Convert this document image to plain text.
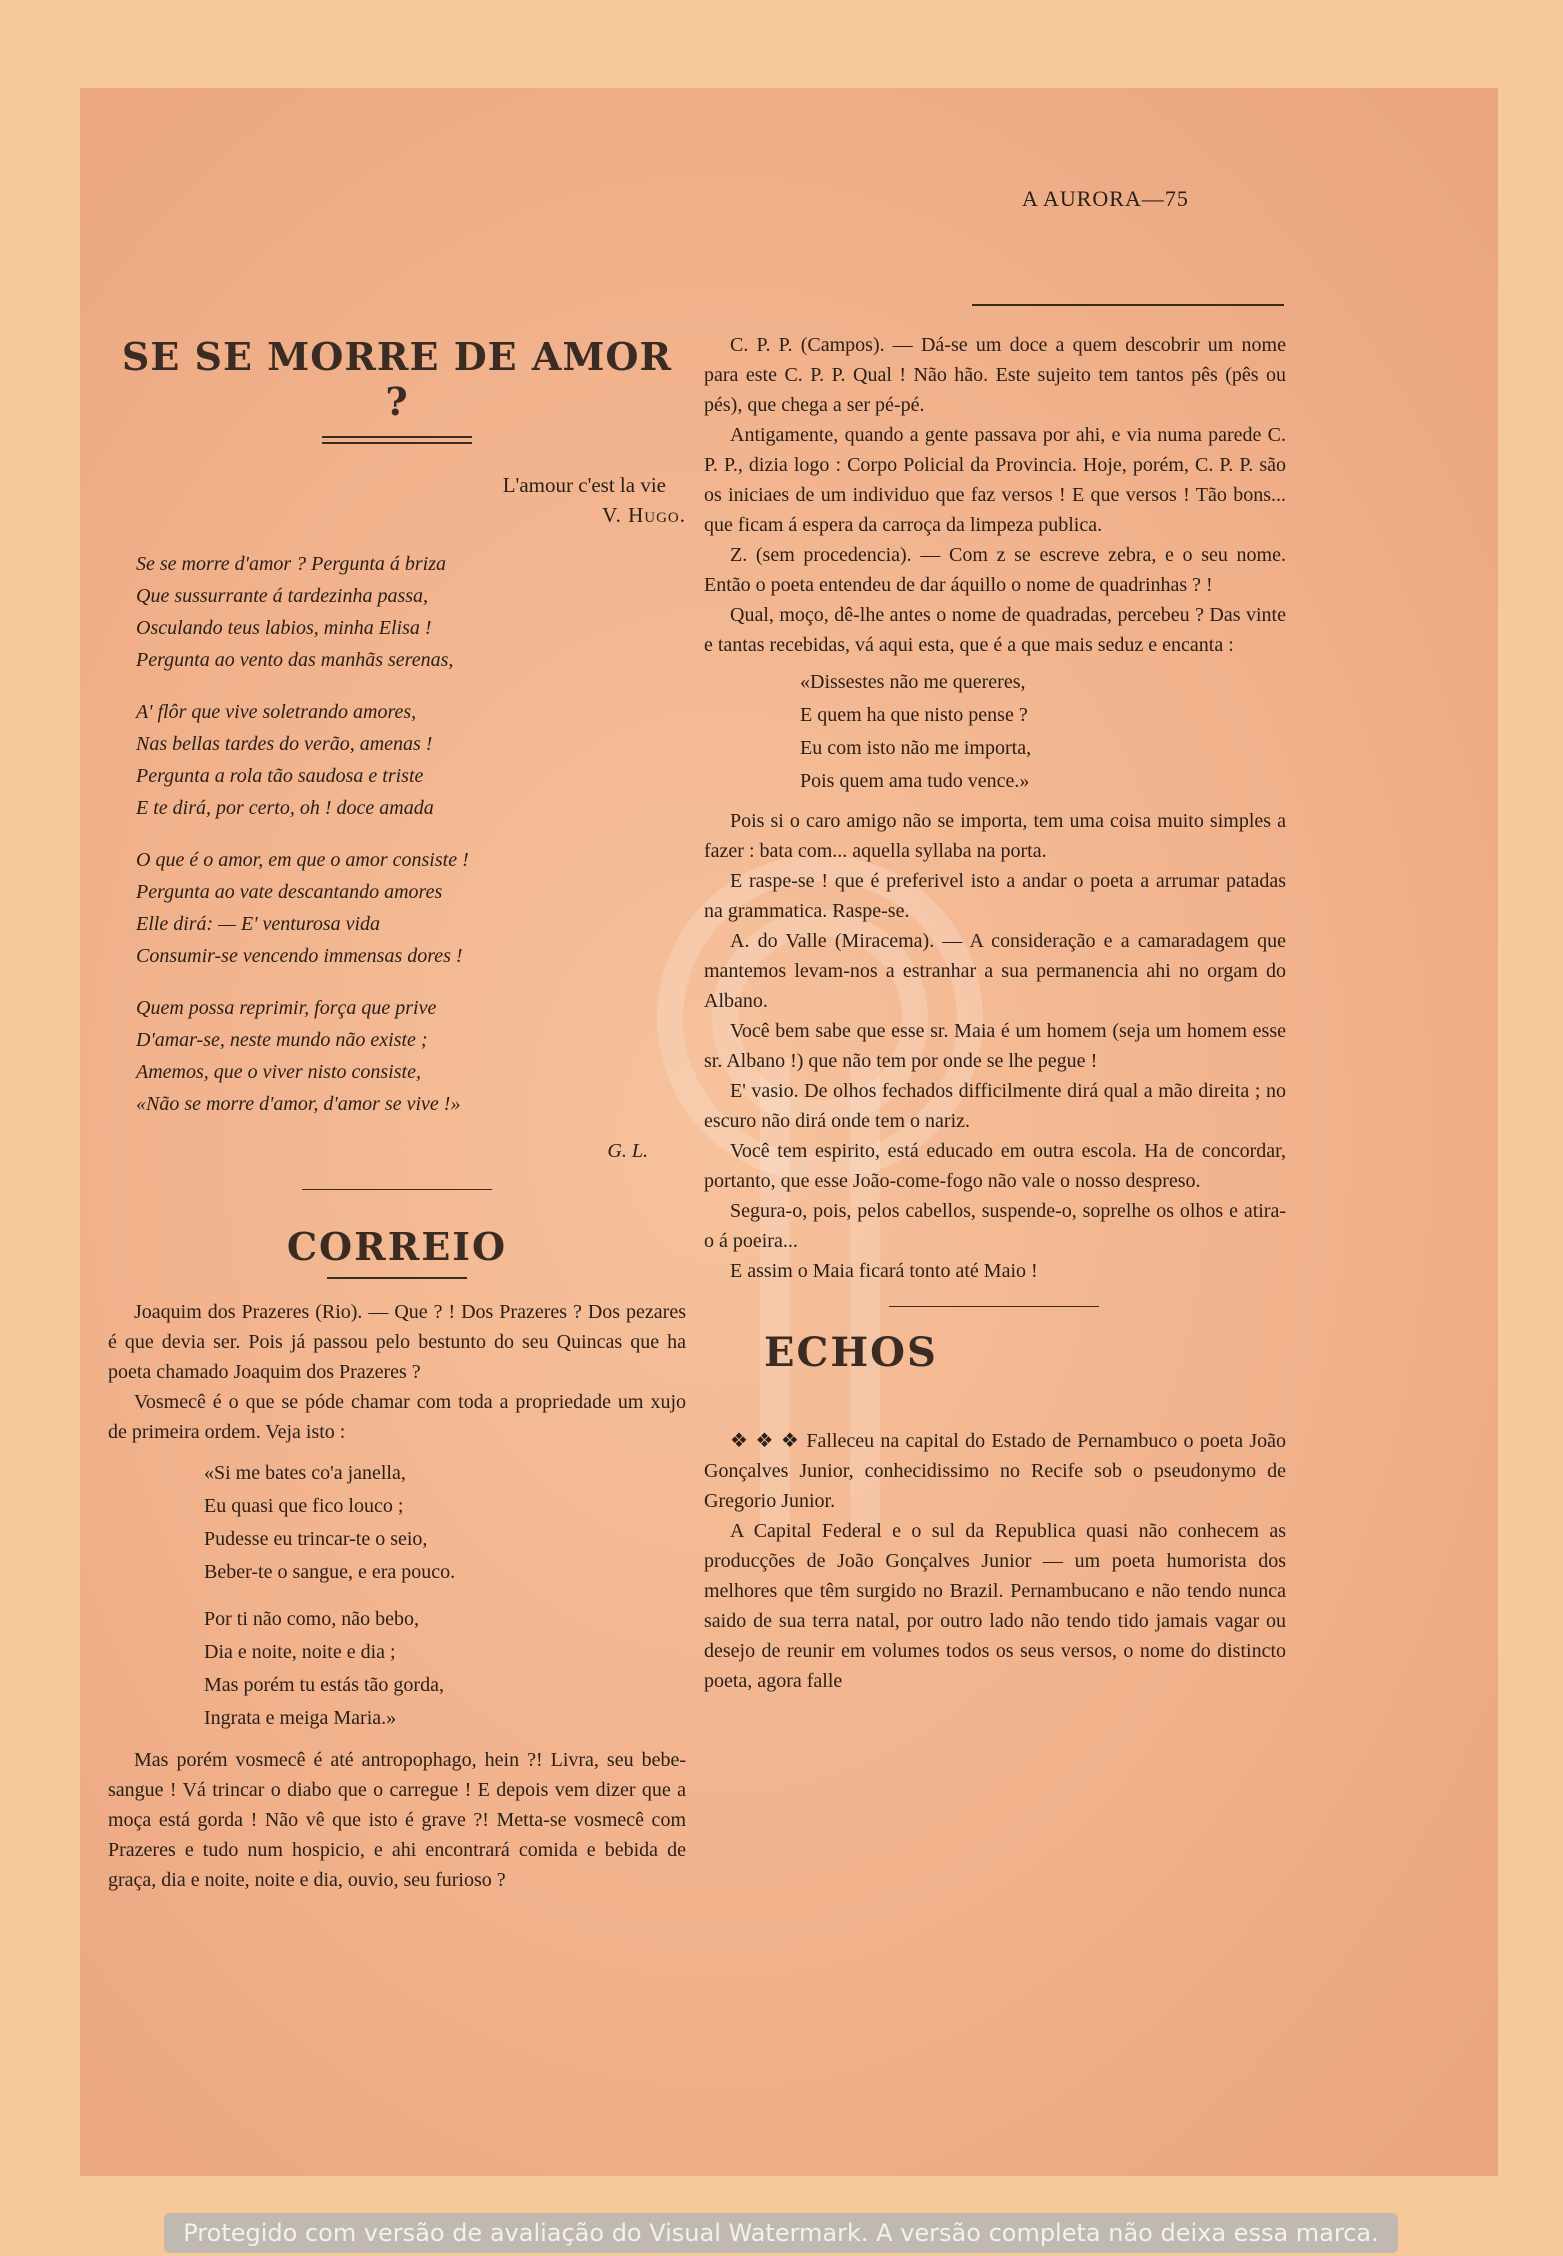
A AURORA—75
SE SE MORRE DE AMOR ?
L'amour c'est la vie
V. Hugo.
Se se morre d'amor ? Pergunta á briza
Que sussurrante á tardezinha passa,
Osculando teus labios, minha Elisa !
Pergunta ao vento das manhãs serenas,
A' flôr que vive soletrando amores,
Nas bellas tardes do verão, amenas !
Pergunta a rola tão saudosa e triste
E te dirá, por certo, oh ! doce amada
O que é o amor, em que o amor consiste !
Pergunta ao vate descantando amores
Elle dirá: — E' venturosa vida
Consumir-se vencendo immensas dores !
Quem possa reprimir, força que prive
D'amar-se, neste mundo não existe ;
Amemos, que o viver nisto consiste,
«Não se morre d'amor, d'amor se vive !»
G. L.
CORREIO

Joaquim dos Prazeres (Rio). — Que ? ! Dos Prazeres ? Dos pezares é que devia ser. Pois já passou pelo bestunto do seu Quincas que ha poeta chamado Joaquim dos Prazeres ?

Vosmecê é o que se póde chamar com toda a propriedade um xujo de primeira ordem. Veja isto :

«Si me bates co'a janella,
Eu quasi que fico louco ;
Pudesse eu trincar-te o seio,
Beber-te o sangue, e era pouco.
Por ti não como, não bebo,
Dia e noite, noite e dia ;
Mas porém tu estás tão gorda,
Ingrata e meiga Maria.»

Mas porém vosmecê é até antropophago, hein ?! Livra, seu bebe-sangue ! Vá trincar o diabo que o carregue ! E depois vem dizer que a moça está gorda ! Não vê que isto é grave ?! Metta-se vosmecê com Prazeres e tudo num hospicio, e ahi encontrará comida e bebida de graça, dia e noite, noite e dia, ouvio, seu furioso ?

C. P. P. (Campos). — Dá-se um doce a quem descobrir um nome para este C. P. P. Qual ! Não hão. Este sujeito tem tantos pês (pês ou pés), que chega a ser pé-pé.

Antigamente, quando a gente passava por ahi, e via numa parede C. P. P., dizia logo : Corpo Policial da Provincia. Hoje, porém, C. P. P. são os iniciaes de um individuo que faz versos ! E que versos ! Tão bons... que ficam á espera da carroça da limpeza publica.

Z. (sem procedencia). — Com z se escreve zebra, e o seu nome. Então o poeta entendeu de dar áquillo o nome de quadrinhas ? !

Qual, moço, dê-lhe antes o nome de quadradas, percebeu ? Das vinte e tantas recebidas, vá aqui esta, que é a que mais seduz e encanta :

«Dissestes não me quereres,
E quem ha que nisto pense ?
Eu com isto não me importa,
Pois quem ama tudo vence.»

Pois si o caro amigo não se importa, tem uma coisa muito simples a fazer : bata com... aquella syllaba na porta.

E raspe-se ! que é preferivel isto a andar o poeta a arrumar patadas na grammatica. Raspe-se.

A. do Valle (Miracema). — A consideração e a camaradagem que mantemos levam-nos a estranhar a sua permanencia ahi no orgam do Albano.

Você bem sabe que esse sr. Maia é um homem (seja um homem esse sr. Albano !) que não tem por onde se lhe pegue !

E' vasio. De olhos fechados difficilmente dirá qual a mão direita ; no escuro não dirá onde tem o nariz.

Você tem espirito, está educado em outra escola. Ha de concordar, portanto, que esse João-come-fogo não vale o nosso despreso.

Segura-o, pois, pelos cabellos, suspende-o, soprelhe os olhos e atira-o á poeira...

E assim o Maia ficará tonto até Maio !

ECHOS

❖ ❖ ❖ Falleceu na capital do Estado de Pernambuco o poeta João Gonçalves Junior, conhecidissimo no Recife sob o pseudonymo de Gregorio Junior.

A Capital Federal e o sul da Republica quasi não conhecem as producções de João Gonçalves Junior — um poeta humorista dos melhores que têm surgido no Brazil. Pernambucano e não tendo nunca saido de sua terra natal, por outro lado não tendo tido jamais vagar ou desejo de reunir em volumes todos os seus versos, o nome do distincto poeta, agora falle

Protegido com versão de avaliação do Visual Watermark. A versão completa não deixa essa marca.
